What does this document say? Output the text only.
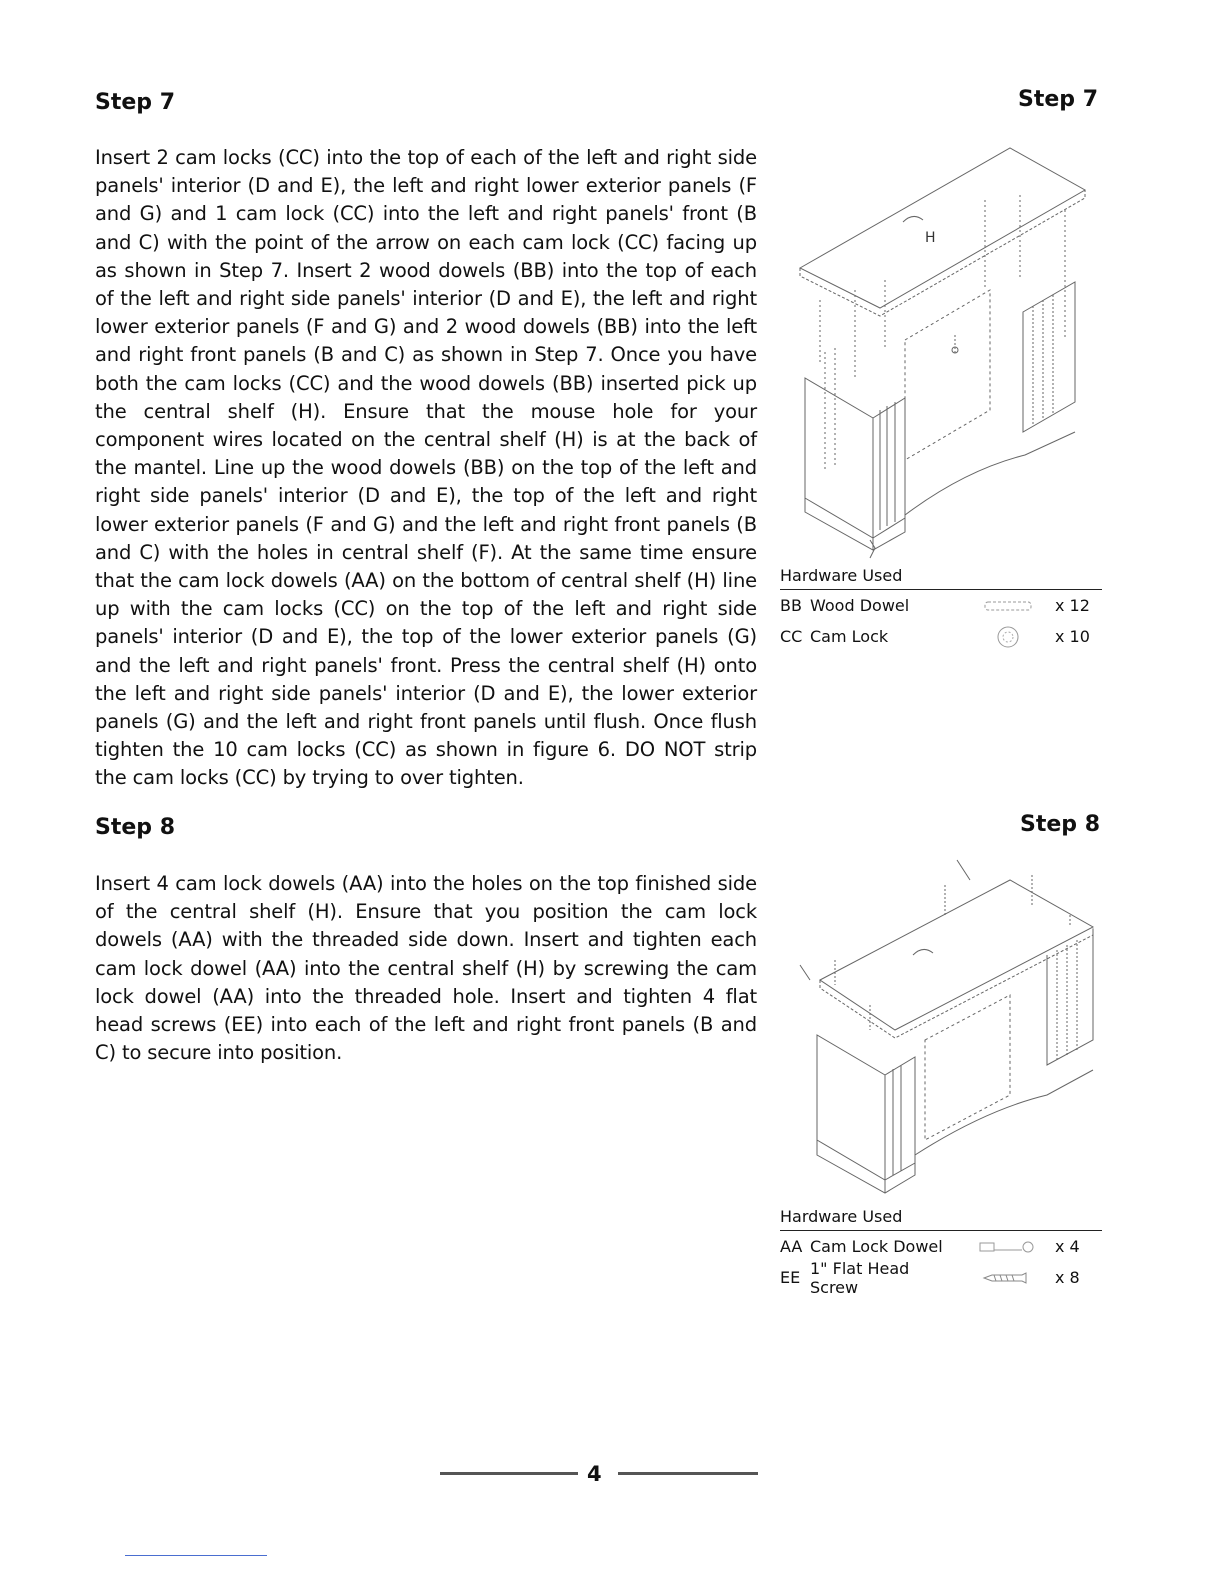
Step 7	Step 7

Insert 2 cam locks (CC) into the top of each of the left and right side panels' interior (D and E), the left and right lower exterior panels (F and G) and 1 cam lock (CC) into the left and right panels' front (B and C) with the point of the arrow on each cam lock (CC) facing up as shown in Step 7. Insert 2 wood dowels (BB) into the top of each of the left and right side panels' interior (D and E), the left and right lower exterior panels (F and G) and 2 wood dowels (BB) into the left and right front panels (B and C) as shown in Step 7. Once you have both the cam locks (CC) and the wood dowels (BB) inserted pick up the central shelf (H). Ensure that the mouse hole for your component wires located on the central shelf (H) is at the back of the mantel. Line up the wood dowels (BB) on the top of the left and right side panels' interior (D and E), the top of the left and right lower exterior panels (F and G) and the left and right front panels (B and C) with the holes in central shelf (F). At the same time ensure that the cam lock dowels (AA) on the bottom of central shelf (H) line up with the cam locks (CC) on the top of the left and right side panels' interior (D and E), the top of the lower exterior panels (G) and the left and right panels' front. Press the central shelf (H) onto the left and right side panels' interior (D and E), the lower exterior panels (G) and the left and right front panels until flush. Once flush tighten the 10 cam locks (CC) as shown in figure 6. DO NOT strip the cam locks (CC) by trying to over tighten.

H
Hardware Used
BB Wood Dowel	x 12
CC Cam Lock	x 10
Step 8	Step 8

Insert 4 cam lock dowels (AA) into the holes on the top finished side of the central shelf (H). Ensure that you position the cam lock dowels (AA) with the threaded side down. Insert and tighten each cam lock dowel (AA) into the central shelf (H) by screwing the cam lock dowel (AA) into the threaded hole. Insert and tighten 4 flat head screws (EE) into each of the left and right front panels (B and C) to secure into position.

Hardware Used
AA Cam Lock Dowel	x 4
EE 1" Flat Head Screw	x 8
4
